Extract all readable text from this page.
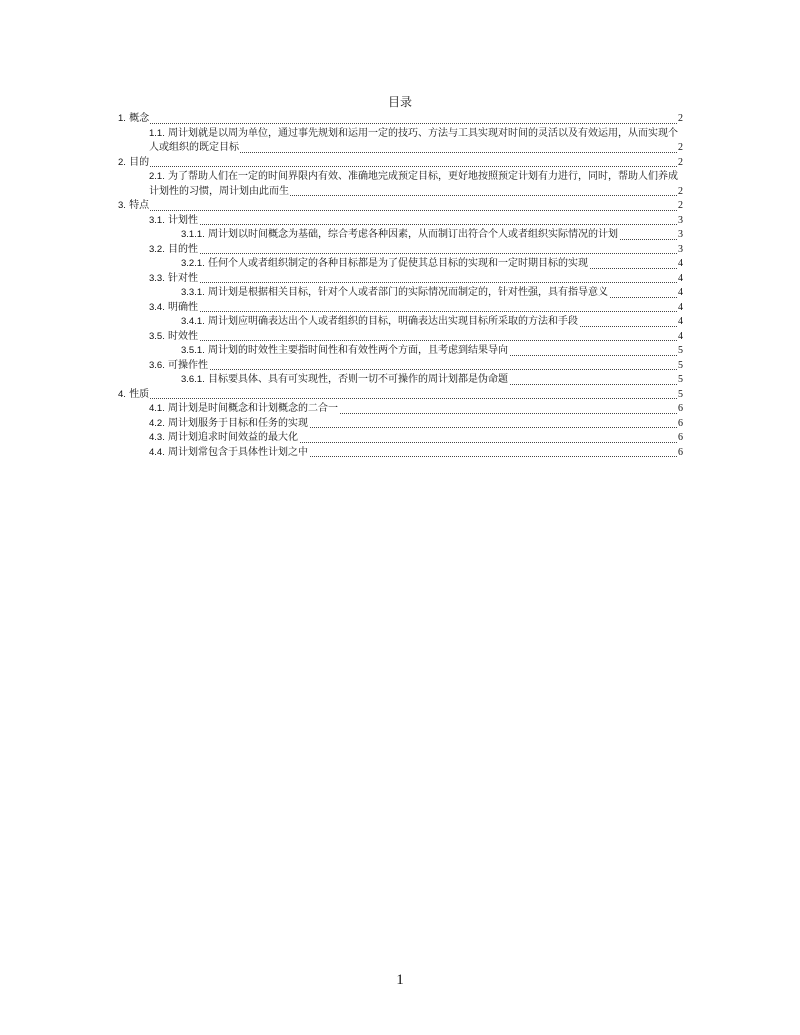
目录
1. 概念	2
1.1. 周计划就是以周为单位，通过事先规划和运用一定的技巧、方法与工具实现对时间的灵活以及有效运用，从而实现个人或组织的既定目标	2
2. 目的	2
2.1. 为了帮助人们在一定的时间界限内有效、准确地完成预定目标，更好地按照预定计划有力进行，同时，帮助人们养成计划性的习惯，周计划由此而生	2
3. 特点	2
3.1. 计划性	3
3.1.1. 周计划以时间概念为基础，综合考虑各种因素，从而制订出符合个人或者组织实际情况的计划	3
3.2. 目的性	3
3.2.1. 任何个人或者组织制定的各种目标都是为了促使其总目标的实现和一定时期目标的实现	4
3.3. 针对性	4
3.3.1. 周计划是根据相关目标，针对个人或者部门的实际情况而制定的，针对性强，具有指导意义	4
3.4. 明确性	4
3.4.1. 周计划应明确表达出个人或者组织的目标，明确表达出实现目标所采取的方法和手段	4
3.5. 时效性	4
3.5.1. 周计划的时效性主要指时间性和有效性两个方面，且考虑到结果导向	5
3.6. 可操作性	5
3.6.1. 目标要具体、具有可实现性，否则一切不可操作的周计划都是伪命题	5
4. 性质	5
4.1. 周计划是时间概念和计划概念的二合一	6
4.2. 周计划服务于目标和任务的实现	6
4.3. 周计划追求时间效益的最大化	6
4.4. 周计划常包含于具体性计划之中	6
1
